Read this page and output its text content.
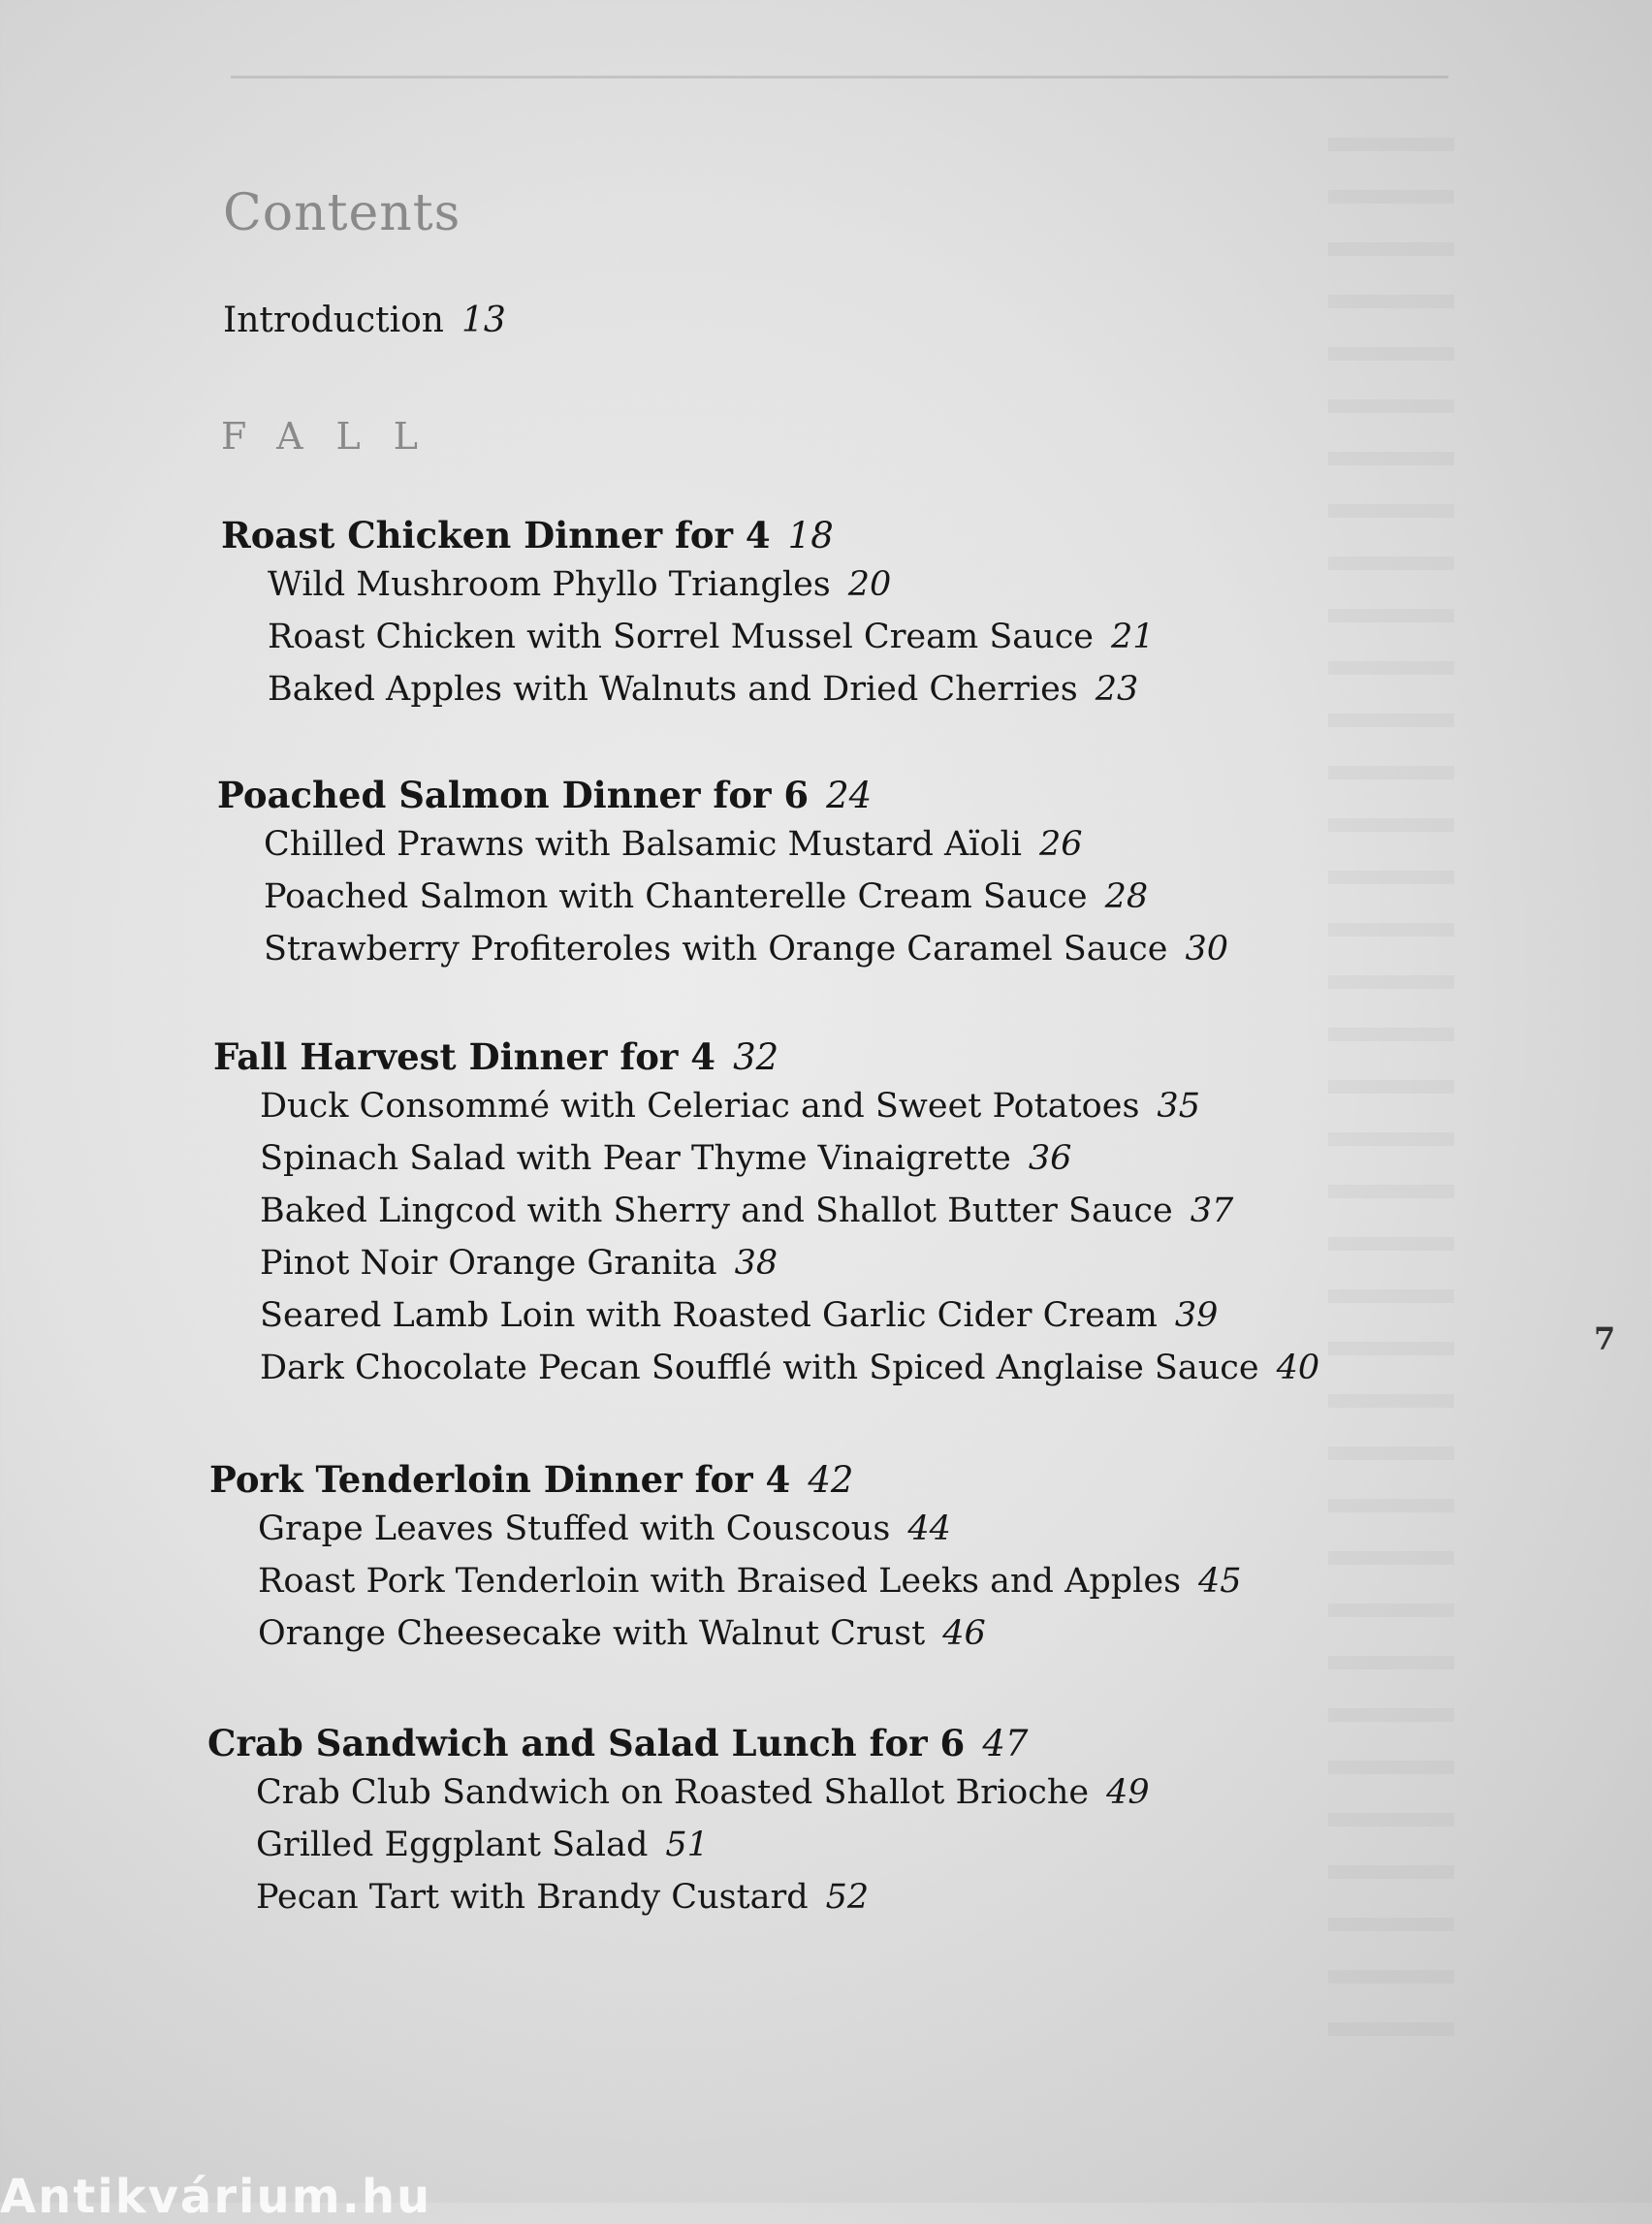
Contents
Introduction 13
FALL
Roast Chicken Dinner for 4 18
Wild Mushroom Phyllo Triangles 20
Roast Chicken with Sorrel Mussel Cream Sauce 21
Baked Apples with Walnuts and Dried Cherries 23
Poached Salmon Dinner for 6 24
Chilled Prawns with Balsamic Mustard Aïoli 26
Poached Salmon with Chanterelle Cream Sauce 28
Strawberry Profiteroles with Orange Caramel Sauce 30
Fall Harvest Dinner for 4 32
Duck Consommé with Celeriac and Sweet Potatoes 35
Spinach Salad with Pear Thyme Vinaigrette 36
Baked Lingcod with Sherry and Shallot Butter Sauce 37
Pinot Noir Orange Granita 38
Seared Lamb Loin with Roasted Garlic Cider Cream 39
Dark Chocolate Pecan Soufflé with Spiced Anglaise Sauce 40
Pork Tenderloin Dinner for 4 42
Grape Leaves Stuffed with Couscous 44
Roast Pork Tenderloin with Braised Leeks and Apples 45
Orange Cheesecake with Walnut Crust 46
Crab Sandwich and Salad Lunch for 6 47
Crab Club Sandwich on Roasted Shallot Brioche 49
Grilled Eggplant Salad 51
Pecan Tart with Brandy Custard 52
7
Antikvárium.hu
